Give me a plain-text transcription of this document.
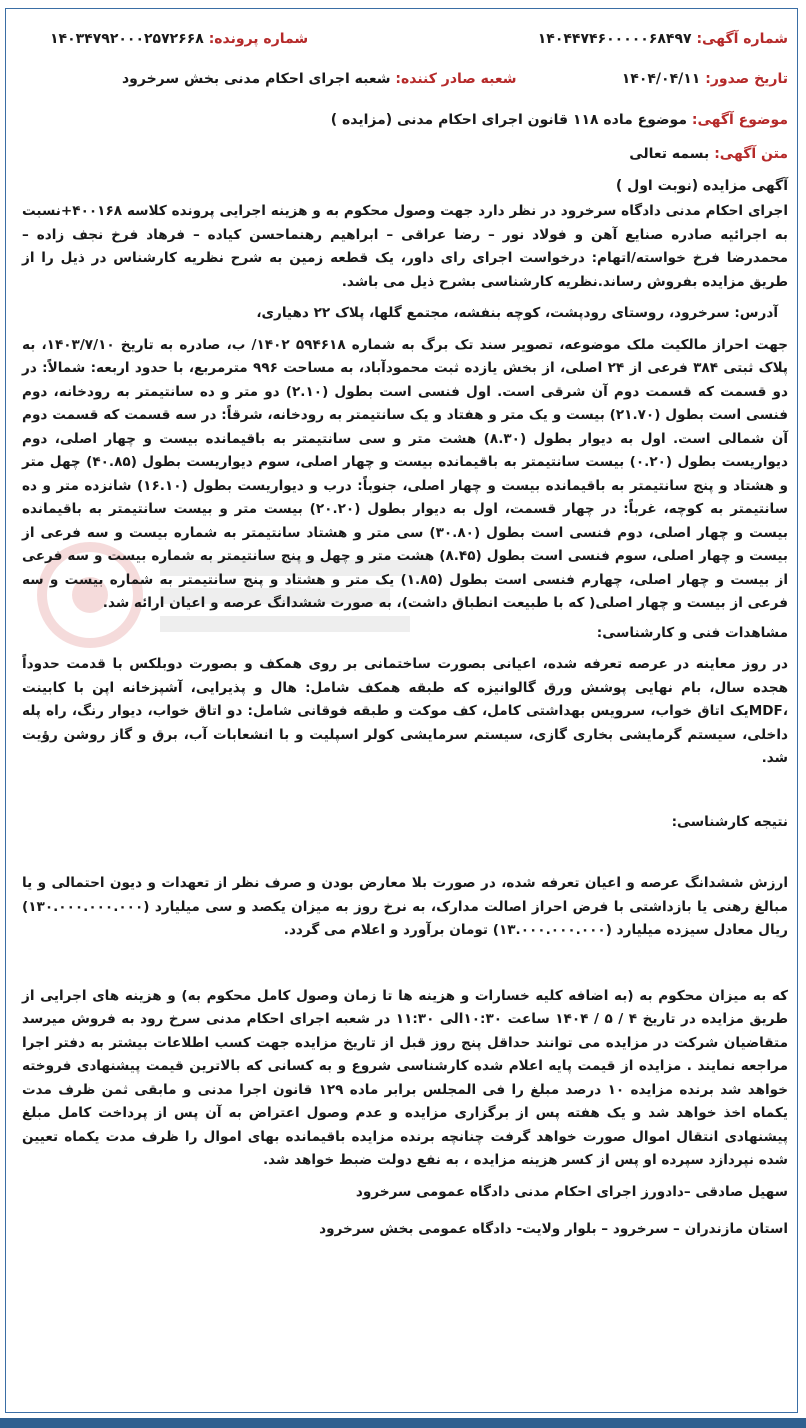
شماره آگهی: ۱۴۰۴۴۷۴۶۰۰۰۰۰۶۸۴۹۷
شماره پرونده: ۱۴۰۳۴۷۹۲۰۰۰۲۵۷۲۶۶۸
تاریخ صدور: ۱۴۰۴/۰۴/۱۱
شعبه صادر کننده: شعبه اجرای احکام مدنی بخش سرخرود
موضوع آگهی: موضوع ماده ۱۱۸ قانون اجرای احکام مدنی (مزایده )
متن آگهی: بسمه تعالی
آگهی مزایده (نوبت اول )

اجرای احکام مدنی دادگاه سرخرود در نظر دارد جهت وصول محکوم به و هزینه اجرایی پرونده کلاسه ۴۰۰۱۶۸+نسبت به اجرائیه صادره صنایع آهن و فولاد نور – رضا عراقی – ابراهیم رهنماحسن کیاده – فرهاد فرخ نجف زاده – محمدرضا فرخ خواسته/اتهام: درخواست اجرای رای داور، یک قطعه زمین به شرح نظریه کارشناس در ذیل را از طریق مزایده بفروش رساند.نظریه کارشناسی بشرح ذیل می باشد.

آدرس: سرخرود، روستای رودپشت، کوچه بنفشه، مجتمع گلها، پلاک ۲۲ دهیاری،

جهت احراز مالکیت ملک موضوعه، تصویر سند تک برگ به شماره ۵۹۴۶۱۸ ۱۴۰۲/ ب، صادره به تاریخ ۱۴۰۳/۷/۱۰، به پلاک ثبتی ۳۸۴ فرعی از ۲۴ اصلی، از بخش یازده ثبت محمودآباد، به مساحت ۹۹۶ مترمربع، با حدود اربعه: شمالاً: در دو قسمت که قسمت دوم آن شرقی است. اول فنسی است بطول (۲.۱۰) دو متر و ده سانتیمتر به رودخانه، دوم فنسی است بطول (۲۱.۷۰) بیست و یک متر و هفتاد و یک سانتیمتر به رودخانه، شرقاً: در سه قسمت که قسمت دوم آن شمالی است. اول به دیوار بطول (۸.۳۰) هشت متر و سی سانتیمتر به باقیمانده بیست و چهار اصلی، دوم دیواریست بطول (۰.۲۰) بیست سانتیمتر به باقیمانده بیست و چهار اصلی، سوم دیواریست بطول (۴۰.۸۵) چهل متر و هشتاد و پنج سانتیمتر به باقیمانده بیست و چهار اصلی، جنوباً: درب و دیواریست بطول (۱۶.۱۰) شانزده متر و ده سانتیمتر به کوچه، غرباً: در چهار قسمت، اول به دیوار بطول (۲۰.۲۰) بیست متر و بیست سانتیمتر به باقیمانده بیست و چهار اصلی، دوم فنسی است بطول (۳۰.۸۰) سی متر و هشتاد سانتیمتر به شماره بیست و سه فرعی از بیست و چهار اصلی، سوم فنسی است بطول (۸.۴۵) هشت متر و چهل و پنج سانتیمتر به شماره بیست و سه فرعی از بیست و چهار اصلی، چهارم فنسی است بطول (۱.۸۵) یک متر و هشتاد و پنج سانتیمتر به شماره بیست و سه فرعی از بیست و چهار اصلی( که با طبیعت انطباق داشت)، به صورت ششدانگ عرصه و اعیان ارائه شد.

مشاهدات فنی و کارشناسی:

در روز معاینه در عرصه تعرفه شده، اعیانی بصورت ساختمانی بر روی همکف و بصورت دوبلکس با قدمت حدوداً هجده سال، بام نهایی پوشش ورق گالوانیزه که طبقه همکف شامل: هال و پذیرایی، آشپزخانه اپن با کابینت ،MDFیک اتاق خواب، سرویس بهداشتی کامل، کف موکت و طبقه فوقانی شامل: دو اتاق خواب، دیوار رنگ، راه پله داخلی، سیستم گرمایشی بخاری گازی، سیستم سرمایشی کولر اسپلیت و با انشعابات آب، برق و گاز روشن رؤیت شد.

نتیجه کارشناسی:

ارزش ششدانگ عرصه و اعیان تعرفه شده، در صورت بلا معارض بودن و صرف نظر از تعهدات و دیون احتمالی و یا مبالغ رهنی یا بازداشتی با فرض احراز اصالت مدارک، به نرخ روز به میزان یکصد و سی میلیارد (۱۳۰.۰۰۰.۰۰۰.۰۰۰) ریال معادل سیزده میلیارد (۱۳.۰۰۰.۰۰۰.۰۰۰) تومان برآورد و اعلام می گردد.

که به میزان محکوم به (به اضافه کلیه خسارات و هزینه ها تا زمان وصول کامل محکوم به) و هزینه های اجرایی از طریق مزایده در تاریخ ۴ / ۵ / ۱۴۰۴ ساعت ۱۰:۳۰الی ۱۱:۳۰ در شعبه اجرای احکام مدنی سرخ رود به فروش میرسد متقاضیان شرکت در مزایده می توانند حداقل پنج روز قبل از تاریخ مزایده جهت کسب اطلاعات بیشتر به دفتر اجرا مراجعه نمایند . مزایده از قیمت پایه اعلام شده کارشناسی شروع و به کسانی که بالاترین قیمت پیشنهادی فروخته خواهد شد برنده مزایده ۱۰ درصد مبلغ را فی المجلس برابر ماده ۱۲۹ قانون اجرا مدنی و مابقی ثمن ظرف مدت یکماه اخذ خواهد شد و یک هفته پس از برگزاری مزایده و عدم وصول اعتراض به آن پس از پرداخت کامل مبلغ پیشنهادی انتقال اموال صورت خواهد گرفت چنانچه برنده مزایده باقیمانده بهای اموال را ظرف مدت یکماه تعیین شده نپردازد سپرده او پس از کسر هزینه مزایده ، به نفع دولت ضبط خواهد شد.

سهیل صادقی –دادورز اجرای احکام مدنی دادگاه عمومی سرخرود

استان مازندران – سرخرود – بلوار ولایت- دادگاه عمومی بخش سرخرود
